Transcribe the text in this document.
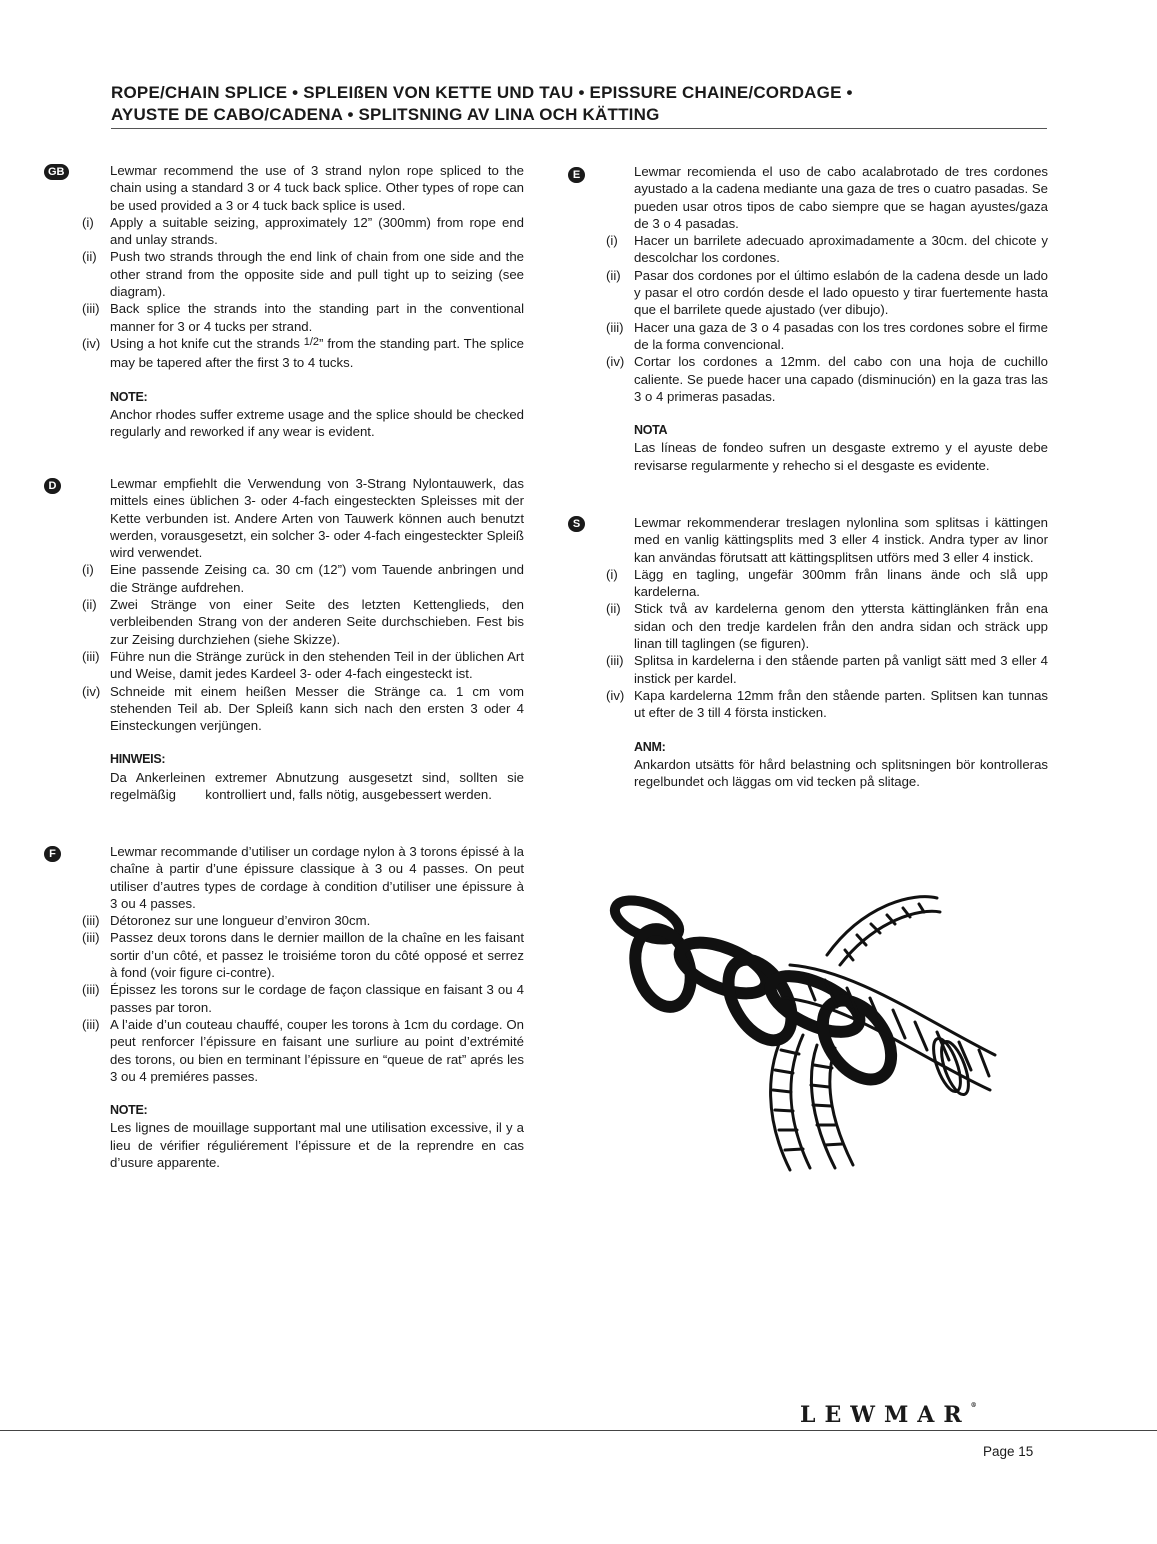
ROPE/CHAIN SPLICE • SPLEIßEN VON KETTE UND TAU • EPISSURE CHAINE/CORDAGE •
AYUSTE DE CABO/CADENA • SPLITSNING AV LINA OCH KÄTTING
GB	Lewmar recommend the use of 3 strand nylon rope spliced to the chain using a standard 3 or 4 tuck back splice. Other types of rope can be used provided a 3 or 4 tuck back splice is used.

(i)	Apply a suitable seizing, approximately 12” (300mm) from rope end and unlay strands.
(ii)	Push two strands through the end link of chain from one side and the other strand from the opposite side and pull tight up to seizing (see diagram).
(iii) Back splice the strands into the standing part in the conventional manner for 3 or 4 tucks per strand.
(iv) Using a hot knife cut the strands $^{1/2}$” from the standing part. The splice may be tapered after the first 3 to 4 tucks.

NOTE:

Anchor rhodes suffer extreme usage and the splice should be checked regularly and reworked if any wear is evident.

D	Lewmar empfiehlt die Verwendung von 3-Strang Nylontauwerk, das mittels eines üblichen 3- oder 4-fach eingesteckten Spleisses mit der Kette verbunden ist. Andere Arten von Tauwerk können auch benutzt werden, vorausgesetzt, ein solcher 3- oder 4-fach eingesteckter Spleiß wird verwendet.

(i)	Eine passende Zeising ca. 30 cm (12”) vom Tauende anbringen und die Stränge aufdrehen.
(ii)	Zwei Stränge von einer Seite des letzten Kettenglieds, den verbleibenden Strang von der anderen Seite durchschieben. Fest bis zur Zeising durchziehen (siehe Skizze).
(iii) Führe nun die Stränge zurück in den stehenden Teil in der üblichen Art und Weise, damit jedes Kardeel 3- oder 4-fach eingesteckt ist.
(iv) Schneide mit einem heißen Messer die Stränge ca. 1 cm vom stehenden Teil ab. Der Spleiß kann sich nach den ersten 3 oder 4 Einsteckungen verjüngen.

HINWEIS:

Da Ankerleinen extremer Abnutzung ausgesetzt sind, sollten sie regelmäßig        kontrolliert und, falls nötig, ausgebessert werden.

F	Lewmar recommande d’utiliser un cordage nylon à 3 torons épissé à la chaîne à partir d’une épissure classique à 3 ou 4 passes. On peut utiliser d’autres types de cordage à condition d’utiliser une épissure à 3 ou 4 passes.

(iii) Détoronez sur une longueur d’environ 30cm.
(iii) Passez deux torons dans le dernier maillon de la chaîne en les faisant sortir d’un côté, et passez le troisiéme toron du côté opposé et serrez à fond (voir figure ci-contre).
(iii) Épissez les torons sur le cordage de façon classique en faisant 3 ou 4 passes par toron.
(iii) A l’aide d’un couteau chauffé, couper les torons à 1cm du cordage. On peut renforcer l’épissure en faisant une surliure au point d’extrémité des torons, ou bien en terminant l’épissure en “queue de rat” aprés les 3 ou 4 premiéres passes.

NOTE:

Les lignes de mouillage supportant mal une utilisation excessive, il y a lieu de vérifier réguliérement l’épissure et de la reprendre en cas d’usure apparente.

E	Lewmar recomienda el uso de cabo acalabrotado de tres cordones ayustado a la cadena mediante una gaza de tres o cuatro pasadas. Se pueden usar otros tipos de cabo siempre que se hagan ayustes/gaza de 3 o 4 pasadas.

(i)	Hacer un barrilete adecuado aproximadamente a 30cm. del chicote y descolchar los cordones.
(ii)	Pasar dos cordones por el último eslabón de la cadena desde un lado y pasar el otro cordón desde el lado opuesto y tirar fuertemente hasta que el barrilete quede ajustado (ver dibujo).
(iii) Hacer una gaza de 3 o 4 pasadas con los tres cordones sobre el firme de la forma convencional.
(iv) Cortar los cordones a 12mm. del cabo con una hoja de cuchillo caliente. Se puede hacer una capado (disminución) en la gaza tras las 3 o 4 primeras pasadas.

NOTA

Las líneas de fondeo sufren un desgaste extremo y el ayuste debe revisarse regularmente y rehecho si el desgaste es evidente.

S	Lewmar rekommenderar treslagen nylonlina som splitsas i kättingen med en vanlig kättingsplits med 3 eller 4 instick. Andra typer av linor kan användas förutsatt att kättingsplitsen utförs med 3 eller 4 instick.

(i)	Lägg en tagling, ungefär 300mm från linans ände och slå upp kardelerna.
(ii)	Stick två av kardelerna genom den yttersta kättinglänken från ena sidan och den tredje kardelen från den andra sidan och sträck upp linan till taglingen (se figuren).
(iii) Splitsa in kardelerna i den stående parten på vanligt sätt med 3 eller 4 instick per kardel.
(iv) Kapa kardelerna 12mm från den stående parten. Splitsen kan tunnas ut efter de 3 till 4 första insticken.

ANM:

Ankardon utsätts för hård belastning och splitsningen bör kontrolleras regelbundet och läggas om vid tecken på slitage.

LEWMAR®
Page 15
